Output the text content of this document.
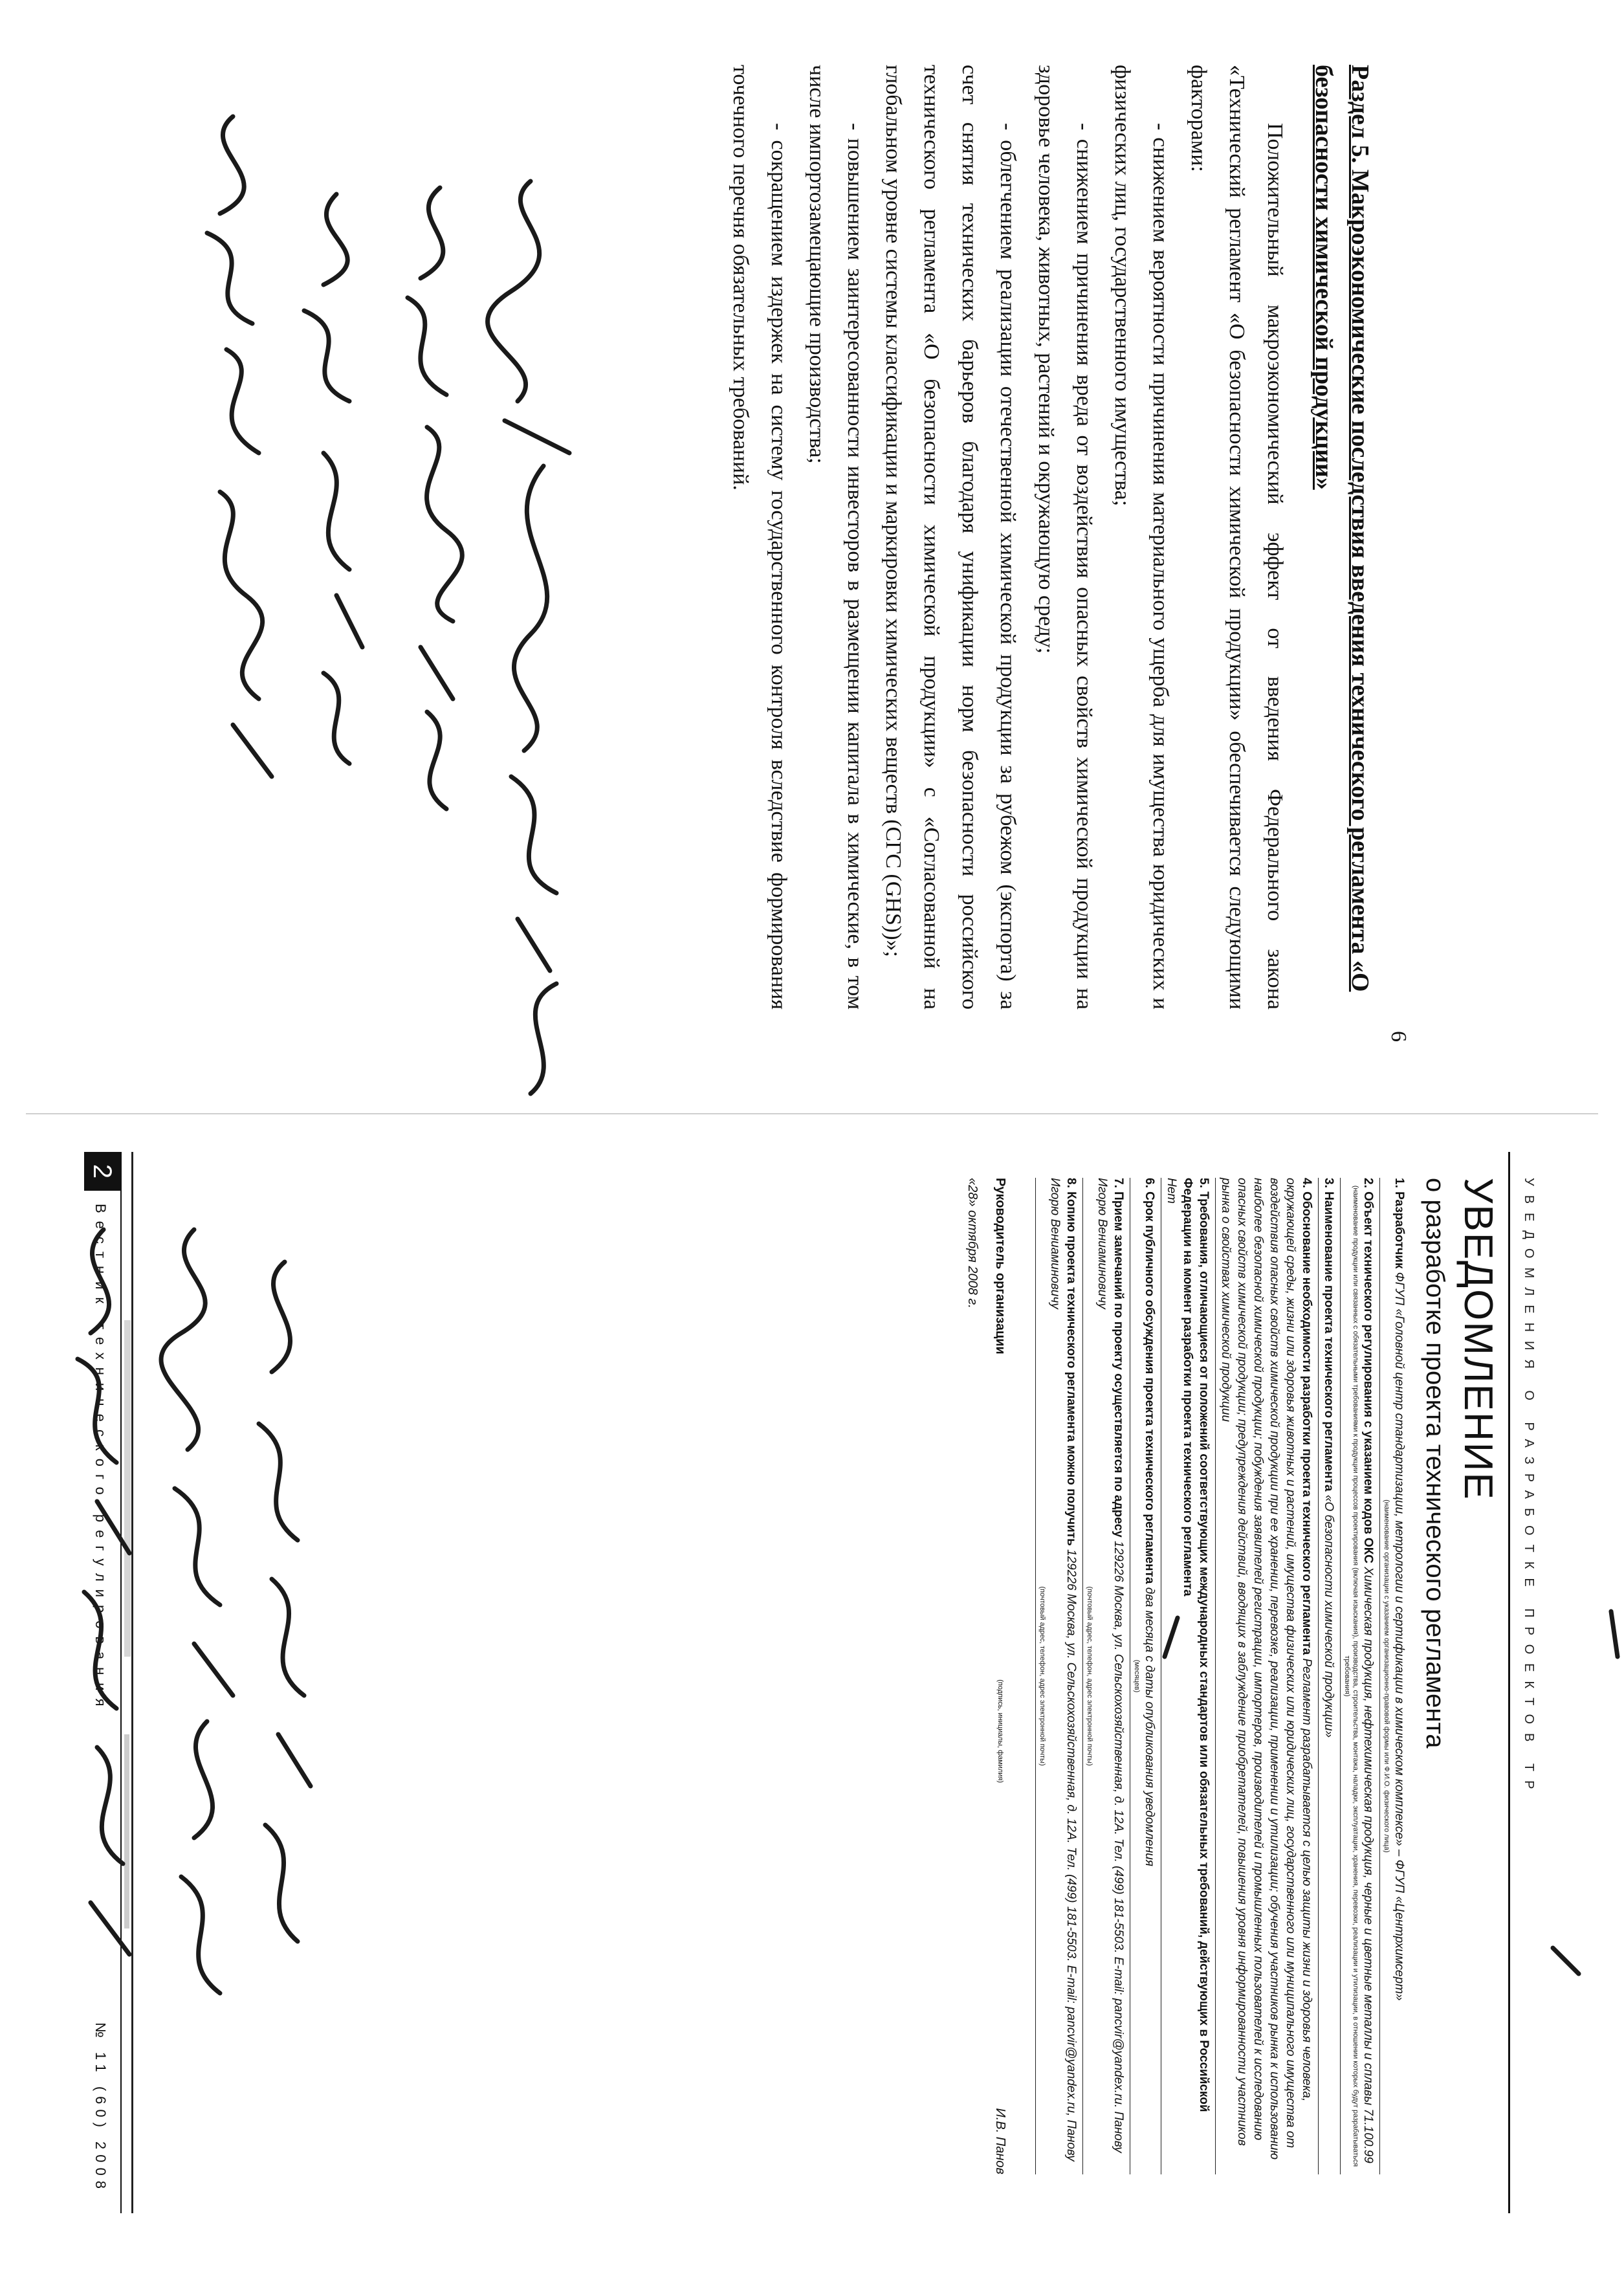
6
Раздел 5. Макроэкономические последствия введения технического регламента «О безопасности химической продукции»

Положительный макроэкономический эффект от введения Федерального закона «Технический регламент «О безопасности химической продукции» обеспечивается следующими факторами:

- снижением вероятности причинения материального ущерба для имущества юридических и физических лиц, государственного имущества;

- снижением причинения вреда от воздействия опасных свойств химической продукции на здоровье человека, животных, растений и окружающую среду;

- облегчением реализации отечественной химической продукции за рубежом (экспорта) за счет снятия технических барьеров благодаря унификации норм безопасности российского технического регламента «О безопасности химической продукции» с «Согласованной на глобальном уровне системы классификации и маркировки химических веществ (СГС (GHS))»;

- повышением заинтересованности инвесторов в размещении капитала в химические, в том числе импортозамещающие производства;

- сокращением издержек на систему государственного контроля вследствие формирования точечного перечня обязательных требований.

УВЕДОМЛЕНИЯ О РАЗРАБОТКЕ ПРОЕКТОВ ТР
УВЕДОМЛЕНИЕ
о разработке проекта технического регламента
1. Разработчик ФГУП «Головной центр стандартизации, метрологии и сертификации в химическом комплексе» – ФГУП «Центрхимсерт»
(наименование организации с указанием организационно-правовой формы или Ф.И.О. физического лица)
2. Объект технического регулирования с указанием кодов ОКС Химическая продукция, нефтехимическая продукция, черные и цветные металлы и сплавы 71.100.99
(наименование продукции или связанных с обязательными требованиями к продукции процессов проектирования (включая изыскания), производства, строительства, монтажа, наладки, эксплуатации, хранения, перевозки, реализации и утилизации, в отношении которых будут разрабатываться требования)
3. Наименование проекта технического регламента «О безопасности химической продукции»
4. Обоснование необходимости разработки проекта технического регламента Регламент разрабатывается с целью защиты жизни и здоровья человека, окружающей среды, жизни или здоровья животных и растений, имущества физических или юридических лиц, государственного или муниципального имущества от воздействия опасных свойств химической продукции при ее хранении, перевозке, реализации, применении и утилизации; обучения участников рынка к использованию наиболее безопасной химической продукции; побуждения заявителей регистрации, импортеров, производителей и промышленных пользователей к исследованию опасных свойств химической продукции; предупреждения действий, вводящих в заблуждение приобретателей, повышения уровня информированности участников рынка о свойствах химической продукции
5. Требования, отличающиеся от положений соответствующих международных стандартов или обязательных требований, действующих в Российской Федерации на момент разработки проекта технического регламента
Нет
6. Срок публичного обсуждения проекта технического регламента два месяца с даты опубликования уведомления
(месяцев)
7. Прием замечаний по проекту осуществляется по адресу 129226 Москва, ул. Сельскохозяйственная, д. 12А. Тел. (499) 181-5503. E-mail: pancvir@yandex.ru. Панову Игорю Вениаминовичу
(почтовый адрес, телефон, адрес электронной почты)
8. Копию проекта технического регламента можно получить 129226 Москва, ул. Сельскохозяйственная, д. 12А. Тел. (499) 181-5503. E-mail: pancvir@yandex.ru, Панову Игорю Вениаминовичу
(почтовый адрес, телефон, адрес электронной почты)
Руководитель организации
(подпись, инициалы, фамилия)
И.В. Панов
«28» октября 2008 г.
2
Вестник технического регулирования
№ 11 (60) 2008
